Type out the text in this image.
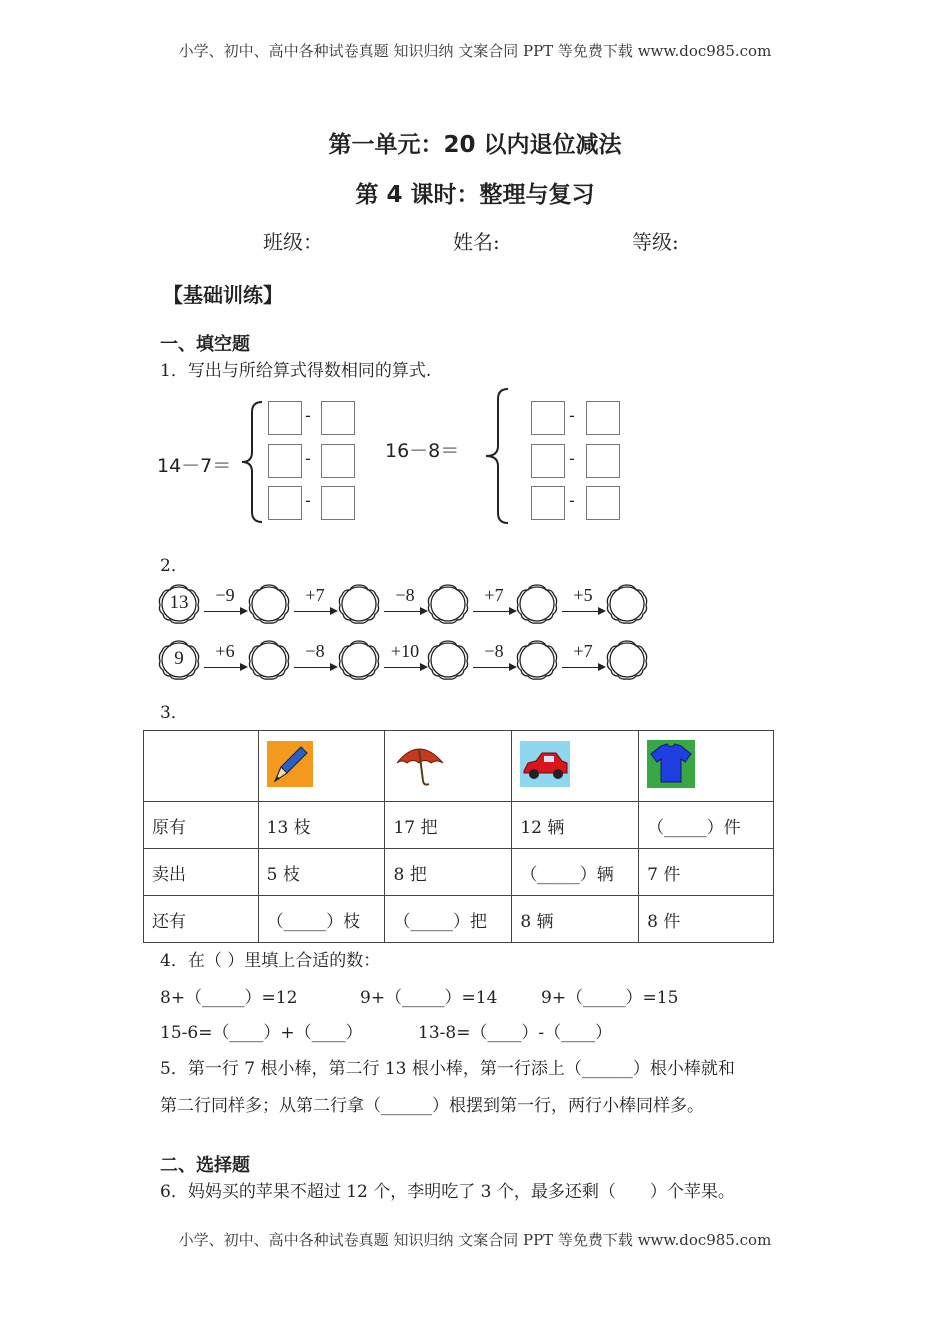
小学、初中、高中各种试卷真题 知识归纳 文案合同 PPT 等免费下载 www.doc985.com
第一单元：20 以内退位减法
第 4 课时：整理与复习
班级：	姓名:	等级:
【基础训练】
一、填空题
1．写出与所给算式得数相同的算式.
14－7＝
-
-
-
16－8＝
-
-
-
2．
13	−9	+7	−8	+7	+5
9	+6	−8	+10	−8	+7
3．

原有	13 枝	17 把	12 辆	（_____）件
卖出	5 枝	8 把	（_____）辆	7 件
还有	（_____）枝	（_____）把	8 辆	8 件
4．在（ ）里填上合适的数：
8+（_____）=12	9+（_____）=14	9+（_____）=15
15-6=（____）+（____）	13-8=（____）-（____）
5．第一行 7 根小棒，第二行 13 根小棒，第一行添上（______）根小棒就和
第二行同样多；从第二行拿（______）根摆到第一行，两行小棒同样多。
二、选择题
6．妈妈买的苹果不超过 12 个，李明吃了 3 个，最多还剩（　　）个苹果。
小学、初中、高中各种试卷真题 知识归纳 文案合同 PPT 等免费下载 www.doc985.com
